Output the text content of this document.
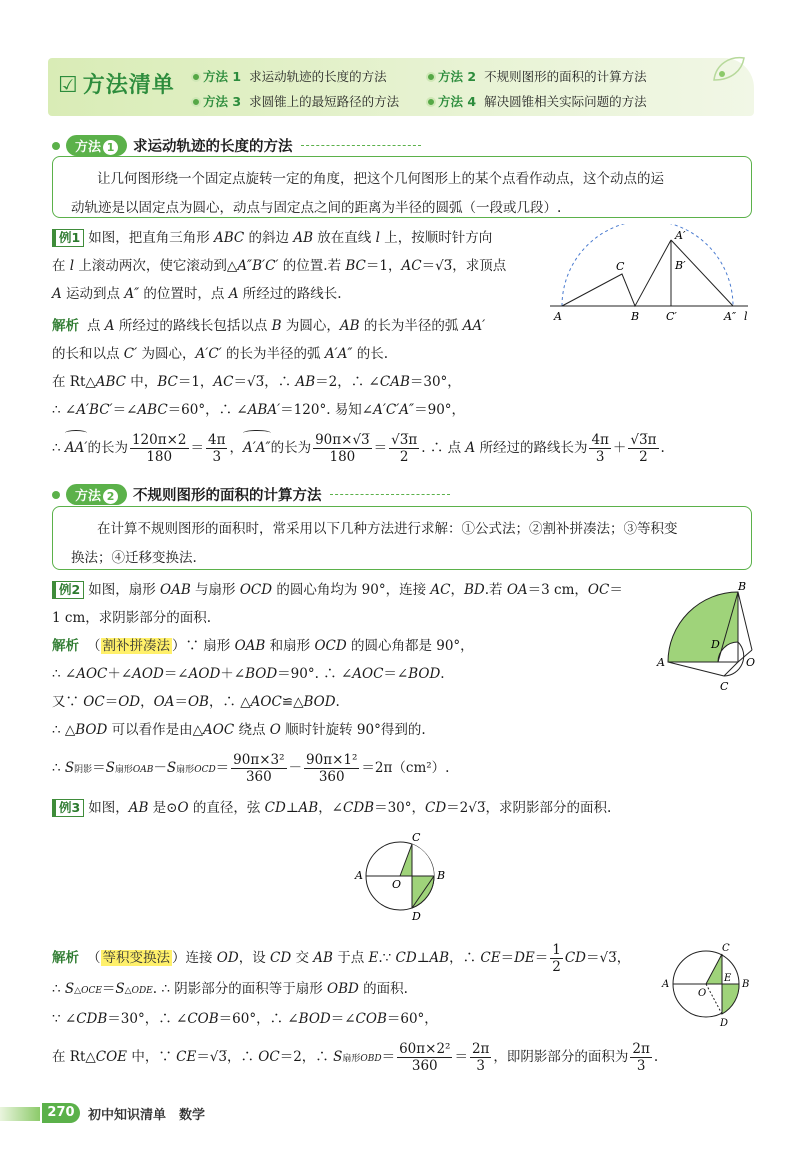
☑ 方法清单	方法 1 求运动轨迹的长度的方法	方法 2 不规则图形的面积的计算方法
方法 3 求圆锥上的最短路径的方法	方法 4 解决圆锥相关实际问题的方法
方法 1 求运动轨迹的长度的方法
让几何图形绕一个固定点旋转一定的角度，把这个几何图形上的某个点看作动点，这个动点的运
动轨迹是以固定点为圆心，动点与固定点之间的距离为半径的圆弧（一段或几段）.
例1 如图，把直角三角形 ABC 的斜边 AB 放在直线 l 上，按顺时针方向
在 l 上滚动两次，使它滚动到△A″B′C′ 的位置.若 BC＝1，AC＝√3̅，求顶点
A 运动到点 A″ 的位置时，点 A 所经过的路线长.
A′
B′
C
A	B C′	A″ l
解析 点 A 所经过的路线长包括以点 B 为圆心，AB 的长为半径的弧 AA′
的长和以点 C′ 为圆心，A′C′ 的长为半径的弧 A′A″ 的长.
在 Rt△ABC 中，BC＝1，AC＝√3̅，∴ AB＝2，∴ ∠CAB＝30°，
∴ ∠A′BC′＝∠ABC＝60°，∴ ∠ABA′＝120°. 易知∠A′C′A″＝90°，
∴ AA′的长为 $\frac{120\pi\times 2}{180} = \frac{4\pi}{3}$ ，A′A″的长为 $\frac{90\pi\times√3̅}{180} = \frac{√3̅\pi}{2}$ . ∴ 点 A 所经过的路线长为 $\frac{4\pi}{3} + \frac{√3̅\pi}{2}$ .
方法 2 不规则图形的面积的计算方法
在计算不规则图形的面积时，常采用以下几种方法进行求解：①公式法；②割补拼凑法；③等积变
换法；④迁移变换法.
例2 如图，扇形 OAB 与扇形 OCD 的圆心角均为 90°，连接 AC，BD.若 OA＝3 cm，OC＝
1 cm，求阴影部分的面积.
解析 （ 割补拼凑法 ）∵ 扇形 OAB 和扇形 OCD 的圆心角都是 90°，
∴ ∠AOC＋∠AOD＝∠AOD＋∠BOD＝90°. ∴ ∠AOC＝∠BOD.
又∵ OC＝OD，OA＝OB，∴ △AOC≌△BOD.
∴ △BOD 可以看作是由△AOC 绕点 O 顺时针旋转 90°得到的.
∴ S阴影＝S扇形OAB－S扇形$OCD= \frac{\text{90π×3²}}{360} - \frac{\text{90π×1²}}{360} =2\pi(cm^2)$.
B
D
A	O
C
例3 如图，AB 是⊙O 的直径，弦 CD⊥AB，∠CDB＝30°，CD＝2√3̅，求阴影部分的面积.
C
A
O
B
D
解析 （ 等积变换法 ）连接 OD，设 CD 交 AB 于点 E.∵ CD⊥AB，∴ $CE=DE= \frac{1}{2}$ CD＝√3̅，
∴ S△OCE＝S△ODE. ∴ 阴影部分的面积等于扇形 OBD 的面积.
∵ ∠CDB＝30°，∴ ∠COB＝60°，∴ ∠BOD＝∠COB＝60°，
在 Rt△COE 中，∵ CE＝√3̅，∴ OC＝2，∴ S扇形$OBD= \frac{\text{60π×2²}}{360} = \frac{2\pi}{3}$ ，即阴影部分的面积为 $\frac{2\pi}{3}$ .
C
A
O
E
B
D
270	初中知识清单　数学
